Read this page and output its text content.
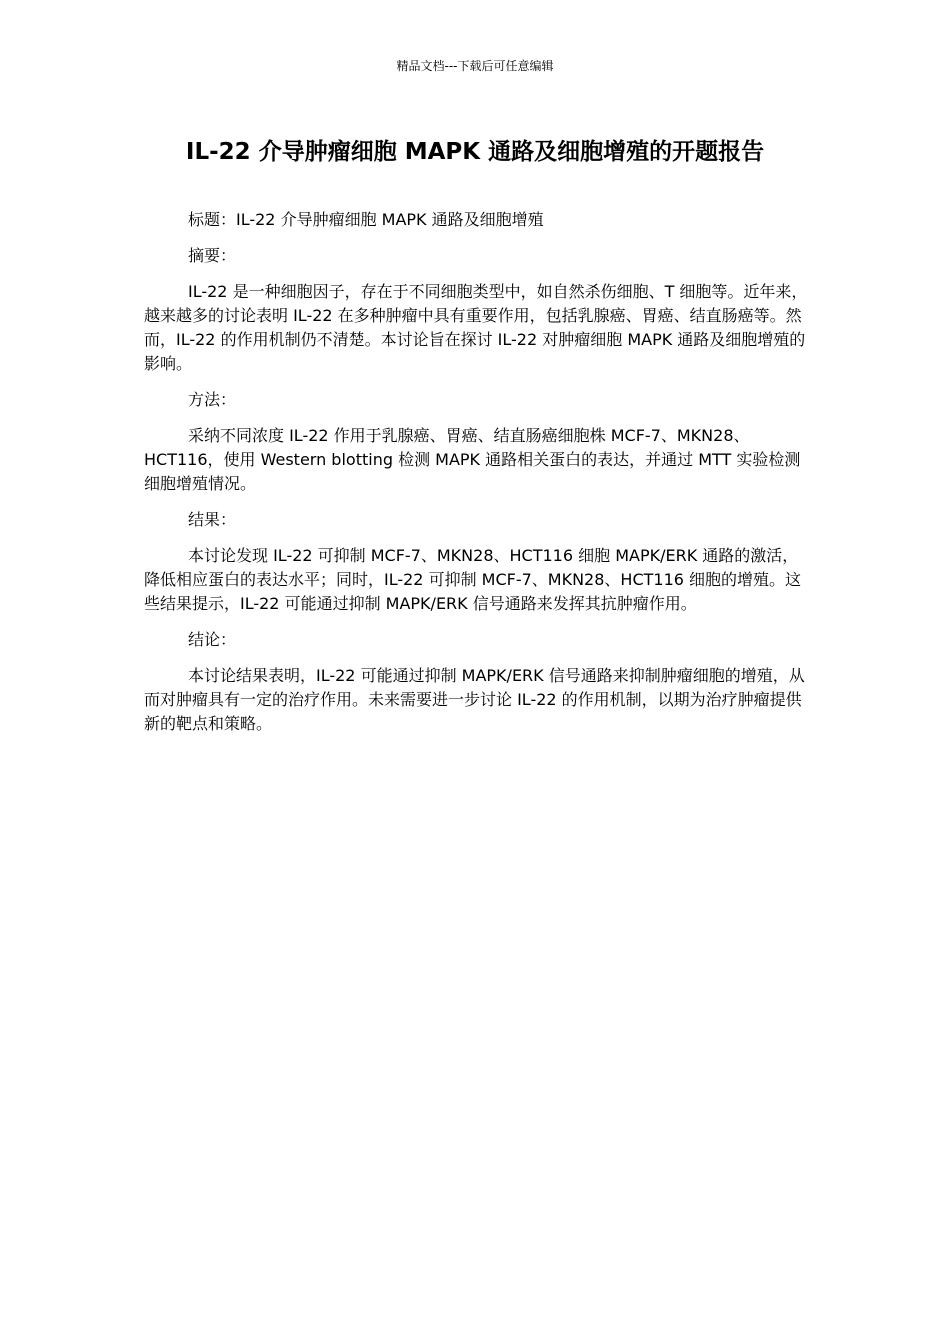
精品文档---下载后可任意编辑
IL-22 介导肿瘤细胞 MAPK 通路及细胞增殖的开题报告

标题：IL-22 介导肿瘤细胞 MAPK 通路及细胞增殖

摘要：

IL-22 是一种细胞因子，存在于不同细胞类型中，如自然杀伤细胞、T 细胞等。近年来，越来越多的讨论表明 IL-22 在多种肿瘤中具有重要作用，包括乳腺癌、胃癌、结直肠癌等。然而，IL-22 的作用机制仍不清楚。本讨论旨在探讨 IL-22 对肿瘤细胞 MAPK 通路及细胞增殖的影响。

方法：

采纳不同浓度 IL-22 作用于乳腺癌、胃癌、结直肠癌细胞株 MCF-7、MKN28、HCT116，使用 Western blotting 检测 MAPK 通路相关蛋白的表达，并通过 MTT 实验检测细胞增殖情况。

结果：

本讨论发现 IL-22 可抑制 MCF-7、MKN28、HCT116 细胞 MAPK/ERK 通路的激活，降低相应蛋白的表达水平；同时，IL-22 可抑制 MCF-7、MKN28、HCT116 细胞的增殖。这些结果提示，IL-22 可能通过抑制 MAPK/ERK 信号通路来发挥其抗肿瘤作用。

结论：

本讨论结果表明，IL-22 可能通过抑制 MAPK/ERK 信号通路来抑制肿瘤细胞的增殖，从而对肿瘤具有一定的治疗作用。未来需要进一步讨论 IL-22 的作用机制，以期为治疗肿瘤提供新的靶点和策略。
